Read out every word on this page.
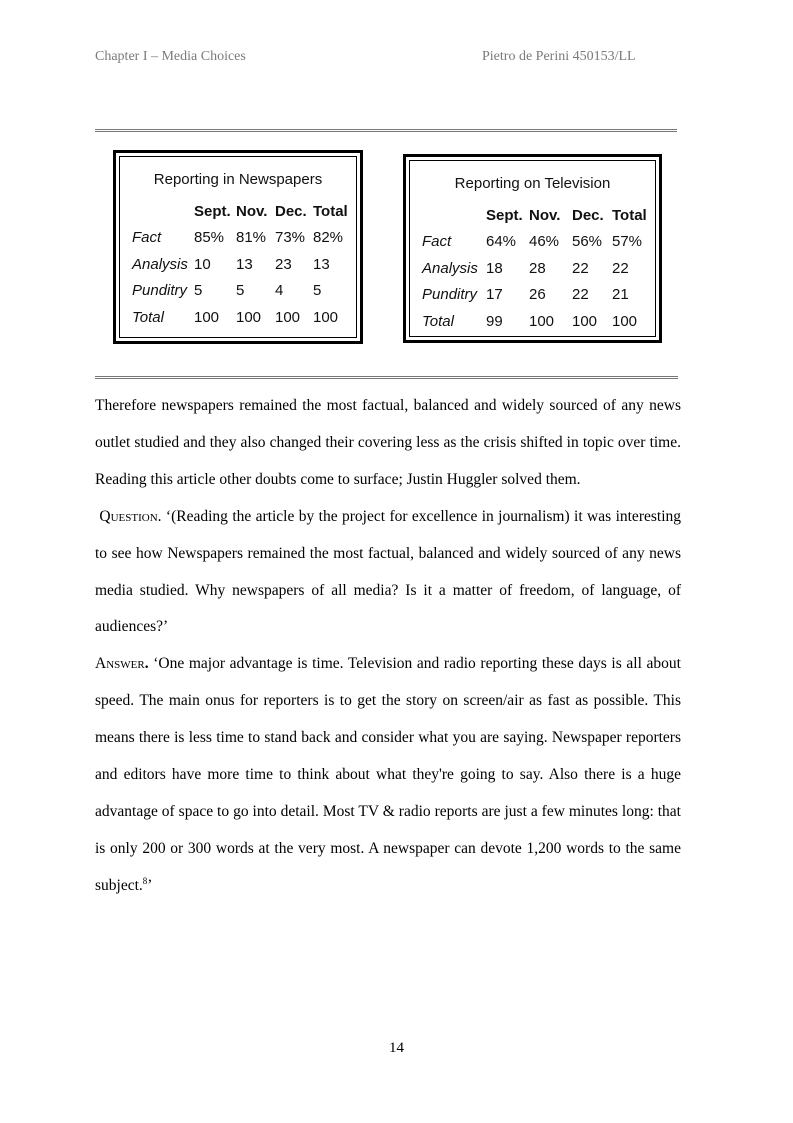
Chapter I – Media Choices	Pietro de Perini 450153/LL
Reporting in Newspapers
	Sept.	Nov.	Dec.	Total
Fact	85%	81%	73%	82%
Analysis	10	13	23	13
Punditry	5	5	4	5
Total	100	100	100	100
Reporting on Television
	Sept.	Nov.	Dec.	Total
Fact	64%	46%	56%	57%
Analysis	18	28	22	22
Punditry	17	26	22	21
Total	99	100	100	100

Therefore newspapers remained the most factual, balanced and widely sourced of any news outlet studied and they also changed their covering less as the crisis shifted in topic over time. Reading this article other doubts come to surface; Justin Huggler solved them.

Question. ‘(Reading the article by the project for excellence in journalism) it was interesting to see how Newspapers remained the most factual, balanced and widely sourced of any news media studied. Why newspapers of all media? Is it a matter of freedom, of language, of audiences?’

Answer. ‘One major advantage is time. Television and radio reporting these days is all about speed. The main onus for reporters is to get the story on screen/air as fast as possible. This means there is less time to stand back and consider what you are saying. Newspaper reporters and editors have more time to think about what they're going to say. Also there is a huge advantage of space to go into detail. Most TV & radio reports are just a few minutes long: that is only 200 or 300 words at the very most. A newspaper can devote 1,200 words to the same subject.$^8$’

14
